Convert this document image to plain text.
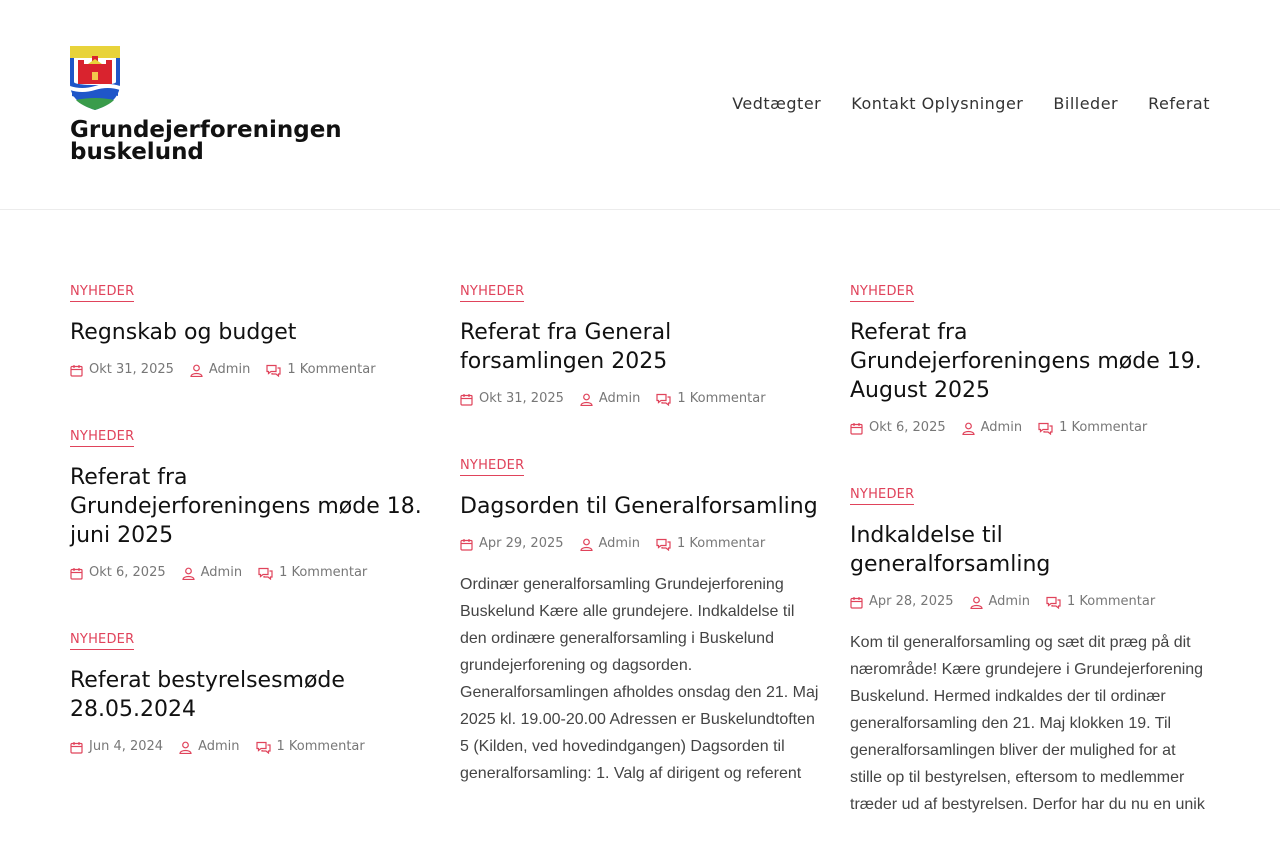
Grundejerforeningen buskelund
Vedtægter Kontakt Oplysninger Billeder Referat
NYHEDER
Regnskab og budget
Okt 31, 2025	Admin	1 Kommentar
NYHEDER
Referat fra Grundejerforeningens møde 18. juni 2025
Okt 6, 2025	Admin	1 Kommentar
NYHEDER
Referat bestyrelsesmøde 28.05.2024
Jun 4, 2024	Admin	1 Kommentar
NYHEDER
Referat fra General forsamlingen 2025
Okt 31, 2025	Admin	1 Kommentar
NYHEDER
Dagsorden til Generalforsamling
Apr 29, 2025	Admin	1 Kommentar

Ordinær generalforsamling Grundejerforening Buskelund Kære alle grundejere. Indkaldelse til den ordinære generalforsamling i Buskelund grundejerforening og dagsorden. Generalforsamlingen afholdes onsdag den 21. Maj 2025 kl. 19.00-20.00 Adressen er Buskelundtoften 5 (Kilden, ved hovedindgangen) Dagsorden til generalforsamling: 1. Valg af dirigent og referent

NYHEDER
Referat fra Grundejerforeningens møde 19. August 2025
Okt 6, 2025	Admin	1 Kommentar
NYHEDER
Indkaldelse til generalforsamling
Apr 28, 2025	Admin	1 Kommentar

Kom til generalforsamling og sæt dit præg på dit nærområde! Kære grundejere i Grundejerforening Buskelund. Hermed indkaldes der til ordinær generalforsamling den 21. Maj klokken 19. Til generalforsamlingen bliver der mulighed for at stille op til bestyrelsen, eftersom to medlemmer træder ud af bestyrelsen. Derfor har du nu en unik
